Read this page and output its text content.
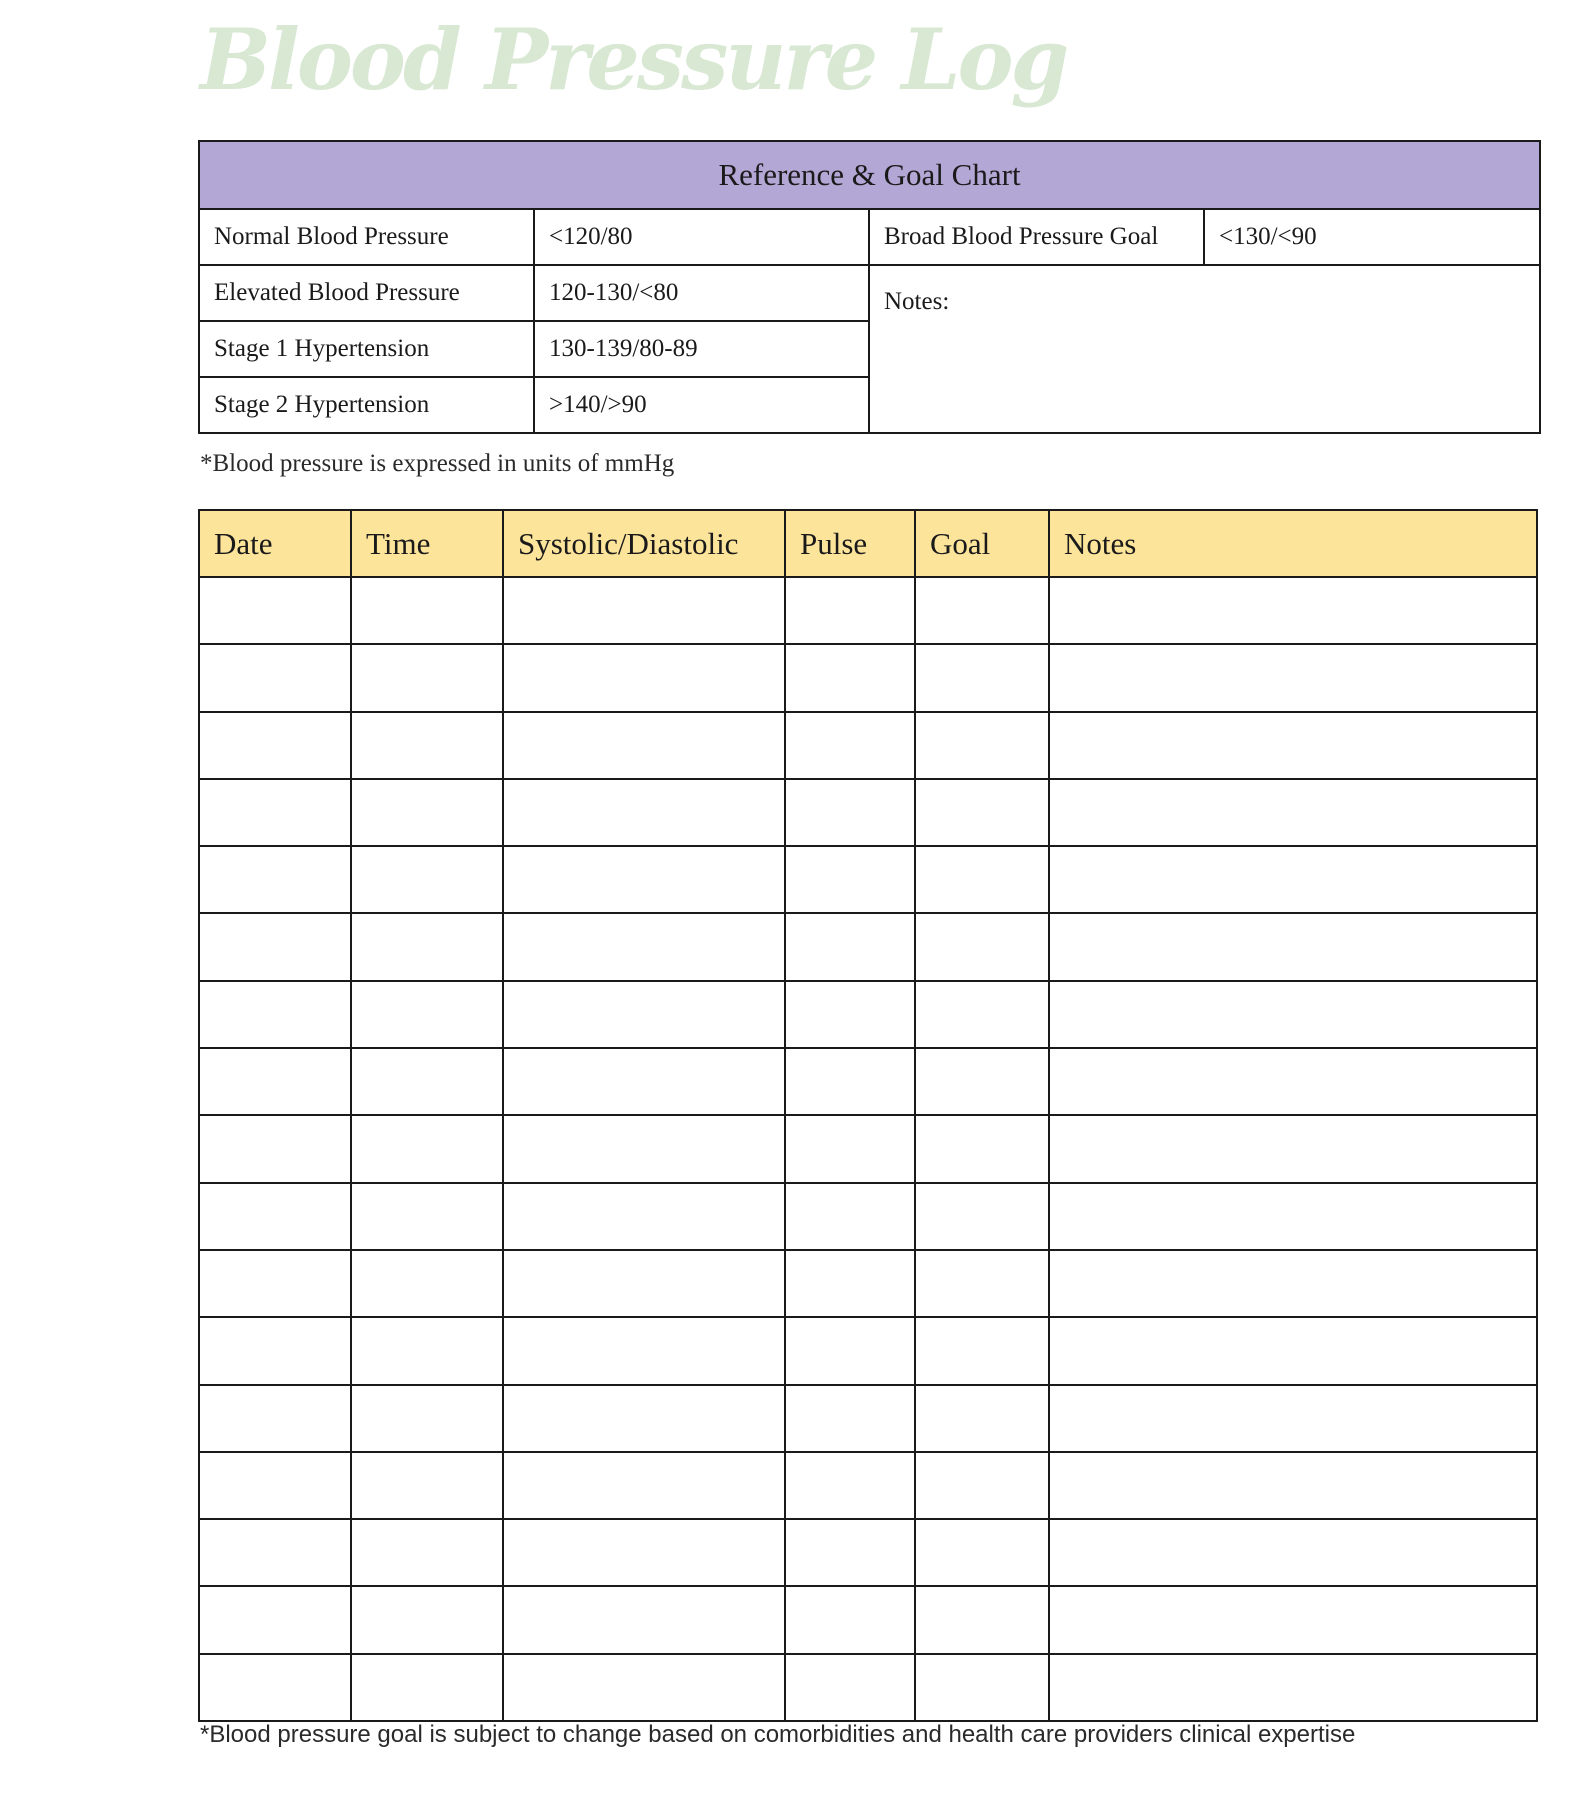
Blood Pressure Log
Reference & Goal Chart			
Normal Blood Pressure	<120/80	Broad Blood Pressure Goal	<130/<90
Elevated Blood Pressure	120-130/<80	Notes:	
Stage 1 Hypertension	130-139/80-89		
Stage 2 Hypertension	>140/>90		
*Blood pressure is expressed in units of mmHg
Date	Time	Systolic/Diastolic	Pulse	Goal	Notes

*Blood pressure goal is subject to change based on comorbidities and health care providers clinical expertise
